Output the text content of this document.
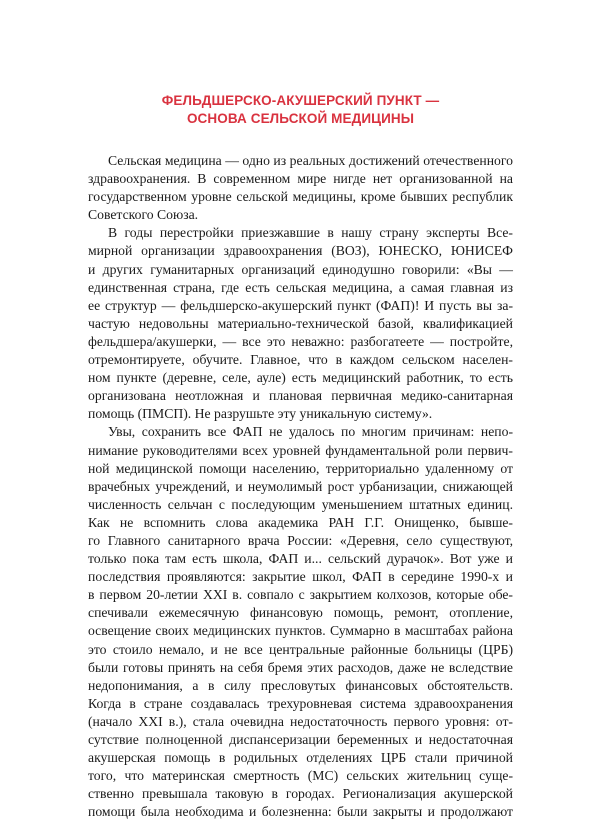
ФЕЛЬДШЕРСКО-АКУШЕРСКИЙ ПУНКТ —
ОСНОВА СЕЛЬСКОЙ МЕДИЦИНЫ
Сельская медицина — одно из реальных достижений отечественного
здравоохранения. В современном мире нигде нет организованной на
государственном уровне сельской медицины, кроме бывших республик
Советского Союза.
В годы перестройки приезжавшие в нашу страну эксперты Все-
мирной организации здравоохранения (ВОЗ), ЮНЕСКО, ЮНИСЕФ
и других гуманитарных организаций единодушно говорили: «Вы —
единственная страна, где есть сельская медицина, а самая главная из
ее структур — фельдшерско-акушерский пункт (ФАП)! И пусть вы за-
частую недовольны материально-технической базой, квалификацией
фельдшера/акушерки, — все это неважно: разбогатеете — постройте,
отремонтируете, обучите. Главное, что в каждом сельском населен-
ном пункте (деревне, селе, ауле) есть медицинский работник, то есть
организована неотложная и плановая первичная медико-санитарная
помощь (ПМСП). Не разрушьте эту уникальную систему».
Увы, сохранить все ФАП не удалось по многим причинам: непо-
нимание руководителями всех уровней фундаментальной роли первич-
ной медицинской помощи населению, территориально удаленному от
врачебных учреждений, и неумолимый рост урбанизации, снижающей
численность сельчан с последующим уменьшением штатных единиц.
Как не вспомнить слова академика РАН Г.Г. Онищенко, бывше-
го Главного санитарного врача России: «Деревня, село существуют,
только пока там есть школа, ФАП и... сельский дурачок». Вот уже и
последствия проявляются: закрытие школ, ФАП в середине 1990-х и
в первом 20-летии XXI в. совпало с закрытием колхозов, которые обе-
спечивали ежемесячную финансовую помощь, ремонт, отопление,
освещение своих медицинских пунктов. Суммарно в масштабах района
это стоило немало, и не все центральные районные больницы (ЦРБ)
были готовы принять на себя бремя этих расходов, даже не вследствие
недопонимания, а в силу пресловутых финансовых обстоятельств.
Когда в стране создавалась трехуровневая система здравоохранения
(начало XXI в.), стала очевидна недостаточность первого уровня: от-
сутствие полноценной диспансеризации беременных и недостаточная
акушерская помощь в родильных отделениях ЦРБ стали причиной
того, что материнская смертность (МС) сельских жительниц суще-
ственно превышала таковую в городах. Регионализация акушерской
помощи была необходима и болезненна: были закрыты и продолжают
